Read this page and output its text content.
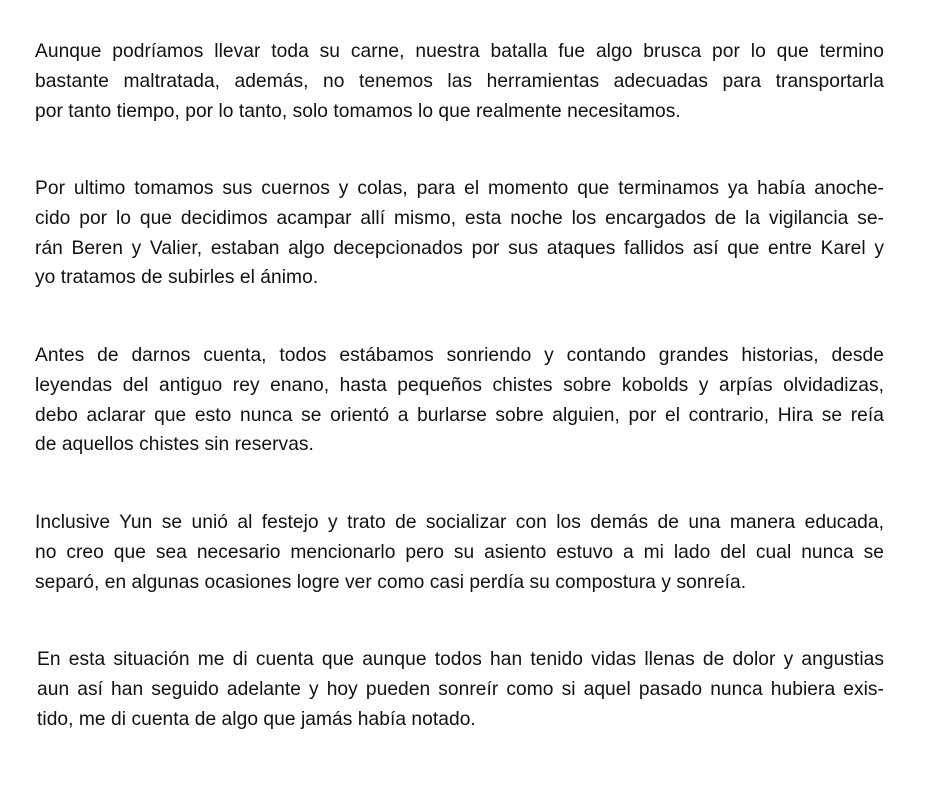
Aunque podríamos llevar toda su carne, nuestra batalla fue algo brusca por lo que termino
bastante maltratada, además, no tenemos las herramientas adecuadas para transportarla
por tanto tiempo, por lo tanto, solo tomamos lo que realmente necesitamos.

Por ultimo tomamos sus cuernos y colas, para el momento que terminamos ya había anoche-
cido por lo que decidimos acampar allí mismo, esta noche los encargados de la vigilancia se-
rán Beren y Valier, estaban algo decepcionados por sus ataques fallidos así que entre Karel y
yo tratamos de subirles el ánimo.

Antes de darnos cuenta, todos estábamos sonriendo y contando grandes historias, desde
leyendas del antiguo rey enano, hasta pequeños chistes sobre kobolds y arpías olvidadizas,
debo aclarar que esto nunca se orientó a burlarse sobre alguien, por el contrario, Hira se reía
de aquellos chistes sin reservas.

Inclusive Yun se unió al festejo y trato de socializar con los demás de una manera educada,
no creo que sea necesario mencionarlo pero su asiento estuvo a mi lado del cual nunca se
separó, en algunas ocasiones logre ver como casi perdía su compostura y sonreía.

En esta situación me di cuenta que aunque todos han tenido vidas llenas de dolor y angustias
aun así han seguido adelante y hoy pueden sonreír como si aquel pasado nunca hubiera exis-
tido, me di cuenta de algo que jamás había notado.
